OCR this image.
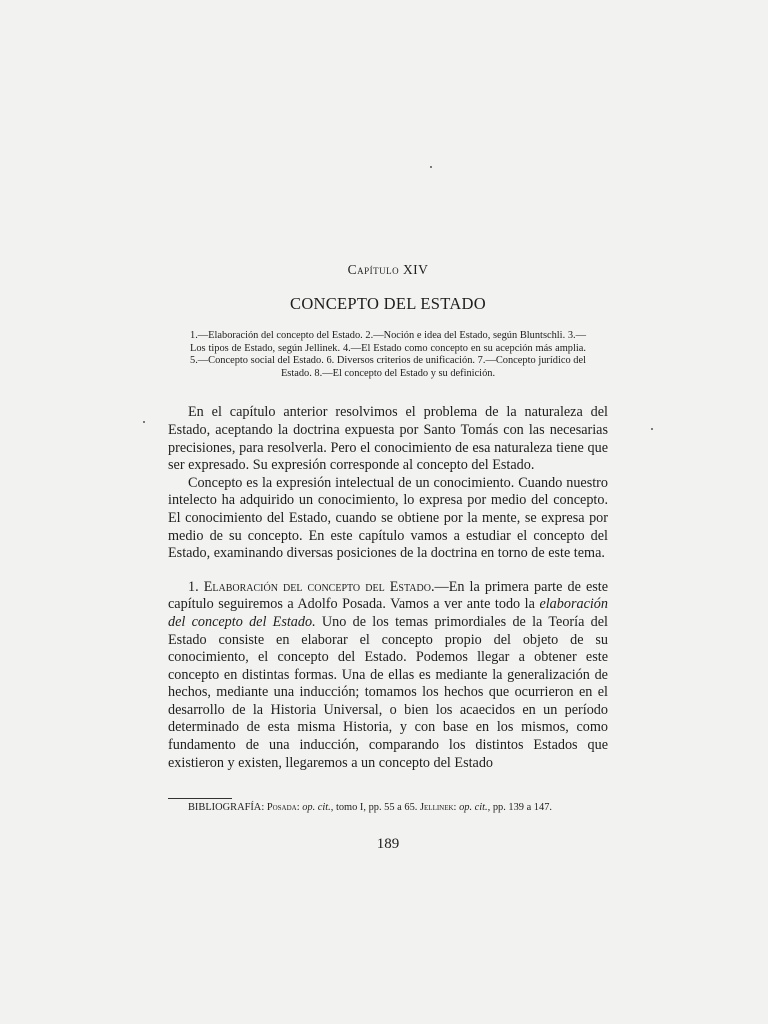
Capítulo XIV
CONCEPTO DEL ESTADO

1.—Elaboración del concepto del Estado. 2.—Noción e idea del Estado, según Bluntschli. 3.—Los tipos de Estado, según Jellinek. 4.—El Estado como concepto en su acepción más amplia. 5.—Concepto social del Estado. 6. Diversos criterios de unificación. 7.—Concepto jurídico del Estado. 8.—El concepto del Estado y su definición.

En el capítulo anterior resolvimos el problema de la naturaleza del Estado, aceptando la doctrina expuesta por Santo Tomás con las necesarias precisiones, para resolverla. Pero el conocimiento de esa naturaleza tiene que ser expresado. Su expresión corresponde al concepto del Estado.

Concepto es la expresión intelectual de un conocimiento. Cuando nuestro intelecto ha adquirido un conocimiento, lo expresa por medio del concepto. El conocimiento del Estado, cuando se obtiene por la mente, se expresa por medio de su concepto. En este capítulo vamos a estudiar el concepto del Estado, examinando diversas posiciones de la doctrina en torno de este tema.

1. Elaboración del concepto del Estado.—En la primera parte de este capítulo seguiremos a Adolfo Posada. Vamos a ver ante todo la elaboración del concepto del Estado. Uno de los temas primordiales de la Teoría del Estado consiste en elaborar el concepto propio del objeto de su conocimiento, el concepto del Estado. Podemos llegar a obtener este concepto en distintas formas. Una de ellas es mediante la generalización de hechos, mediante una inducción; tomamos los hechos que ocurrieron en el desarrollo de la Historia Universal, o bien los acaecidos en un período determinado de esta misma Historia, y con base en los mismos, como fundamento de una inducción, comparando los distintos Estados que existieron y existen, llegaremos a un concepto del Estado

BIBLIOGRAFÍA: Posada: op. cit., tomo I, pp. 55 a 65. Jellinek: op. cit., pp. 139 a 147.

189
